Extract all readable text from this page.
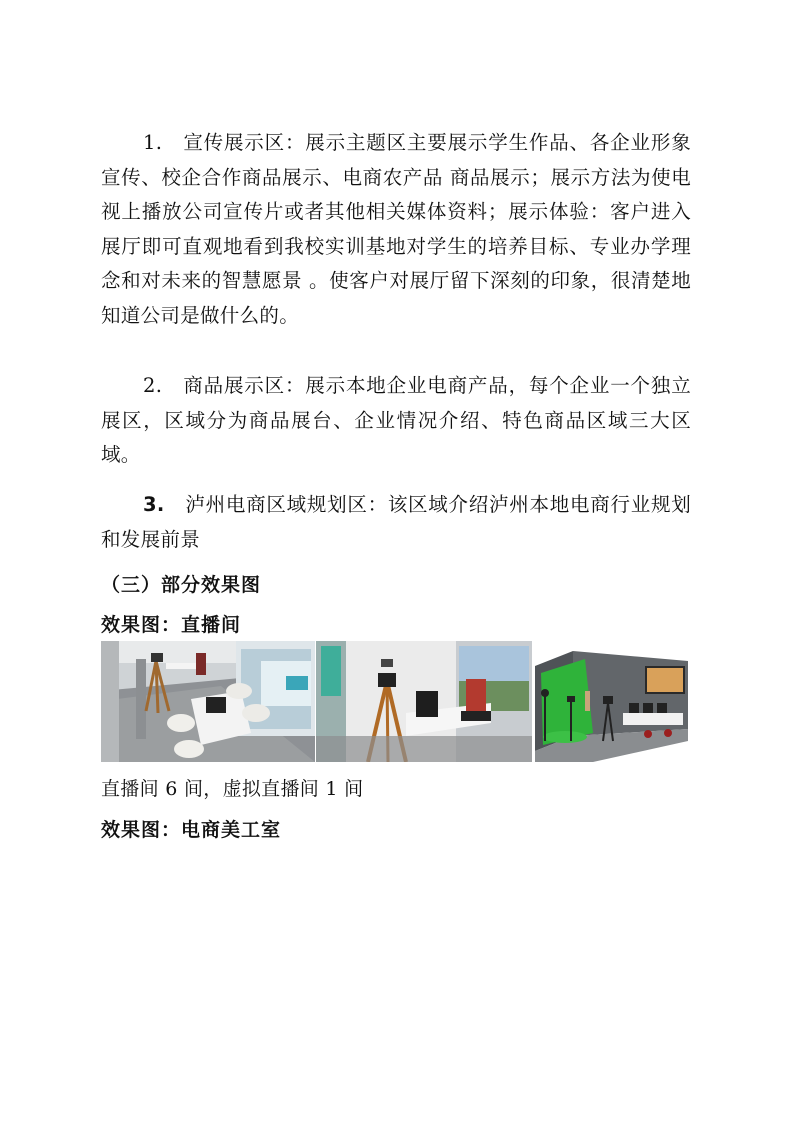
1. 宣传展示区：展示主题区主要展示学生作品、各企业形象宣传、校企合作商品展示、电商农产品 商品展示；展示方法为使电视上播放公司宣传片或者其他相关媒体资料；展示体验：客户进入展厅即可直观地看到我校实训基地对学生的培养目标、专业办学理念和对未来的智慧愿景 。使客户对展厅留下深刻的印象，很清楚地知道公司是做什么的。
2. 商品展示区：展示本地企业电商产品，每个企业一个独立展区，区域分为商品展台、企业情况介绍、特色商品区域三大区域。
3. 泸州电商区域规划区：该区域介绍泸州本地电商行业规划和发展前景
（三）部分效果图
效果图：直播间
直播间 6 间，虚拟直播间 1 间
效果图：电商美工室
